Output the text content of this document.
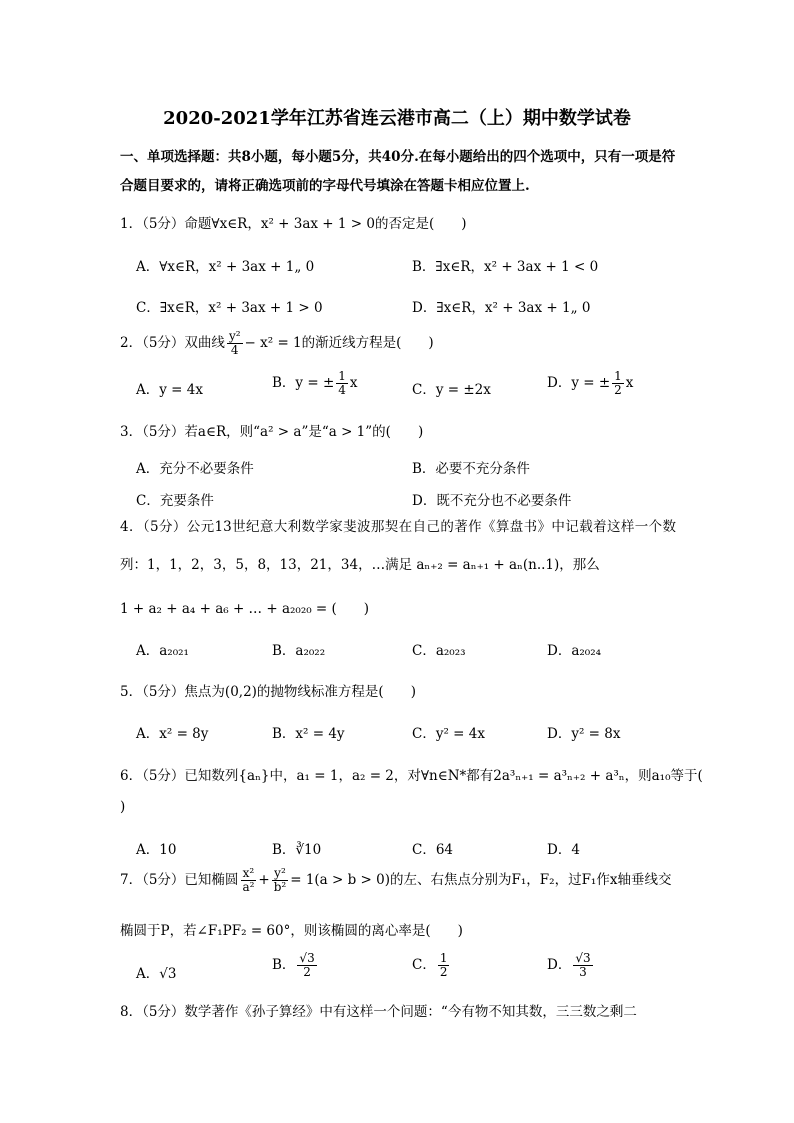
2020-2021学年江苏省连云港市高二（上）期中数学试卷
一、单项选择题：共8小题，每小题5分，共40分.在每小题给出的四个选项中，只有一项是符合题目要求的，请将正确选项前的字母代号填涂在答题卡相应位置上.
1．（5分）命题∀x∈R，x² + 3ax + 1 > 0的否定是(　　)
A．∀x∈R，x² + 3ax + 1„ 0	B．∃x∈R，x² + 3ax + 1 < 0
C．∃x∈R，x² + 3ax + 1 > 0	D．∃x∈R，x² + 3ax + 1„ 0
2．（5分）双曲线 $\frac{\text{y²}}{4} - x^2 = 1$的渐近线方程是(　　)
A．y = 4x	B．y = ± $\frac{1}{4}$ x	C．y = ±2x	D．y = ± $\frac{1}{2}$ x
3．（5分）若a∈R，则“a² > a”是“a > 1”的(　　)
A．充分不必要条件	B．必要不充分条件
C．充要条件	D．既不充分也不必要条件
4．（5分）公元13世纪意大利数学家斐波那契在自己的著作《算盘书》中记载着这样一个数列：1，1，2，3，5，8，13，21，34，…满足 aₙ₊₂ = aₙ₊₁ + aₙ(n..1)，那么
1 + a₂ + a₄ + a₆ + … + a₂₀₂₀ = (　　)
A．a₂₀₂₁	B．a₂₀₂₂	C．a₂₀₂₃	D．a₂₀₂₄
5．（5分）焦点为(0,2)的抛物线标准方程是(　　)
A．x² = 8y	B．x² = 4y	C．y² = 4x	D．y² = 8x
6．（5分）已知数列{aₙ}中，a₁ = 1，a₂ = 2，对∀n∈N*都有2a³ₙ₊₁ = a³ₙ₊₂ + a³ₙ，则a₁₀等于(
)
A．10	B．∛10	C．64	D．4
7．（5分）已知椭圆 $\frac{\text{x²}}{\text{a²}} + \frac{\text{y²}}{\text{b²}} = 1(a > b > 0)$的左、右焦点分别为F₁，F₂，过F₁作x轴垂线交
椭圆于P，若∠F₁PF₂ = 60°，则该椭圆的离心率是(　　)
A．√3
B． $\frac{√3}{2}$	C． $\frac{1}{2}$	D． $\frac{√3}{3}$
8．（5分）数学著作《孙子算经》中有这样一个问题：“今有物不知其数，三三数之剩二
